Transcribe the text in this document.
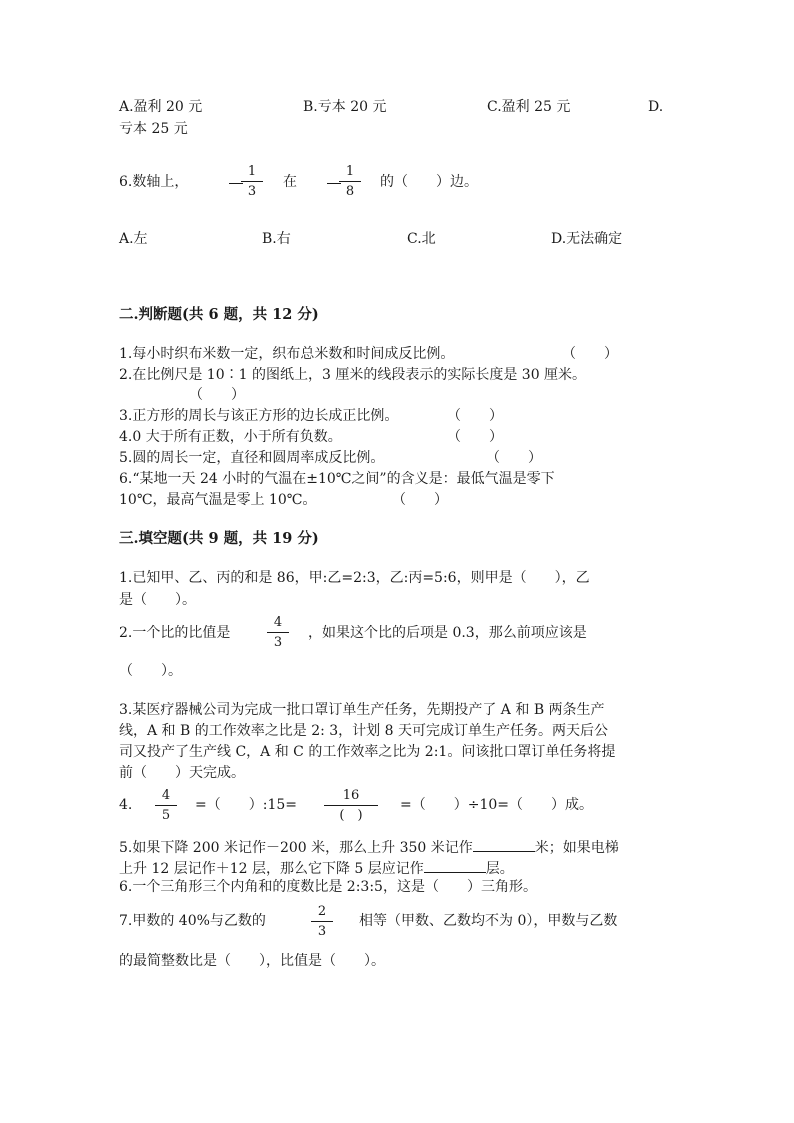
A.盈利 20 元	B.亏本 20 元	C.盈利 25 元	D.
亏本 25 元
6.数轴上，
1
3
在
1
8
的（　　）边。
A.左	B.右	C.北	D.无法确定
二.判断题(共 6 题，共 12 分)
1.每小时织布米数一定，织布总米数和时间成反比例。	（　　）
2.在比例尺是 10∶1 的图纸上，3 厘米的线段表示的实际长度是 30 厘米。
（　　）
3.正方形的周长与该正方形的边长成正比例。	（　　）
4.0 大于所有正数，小于所有负数。	（　　）
5.圆的周长一定，直径和圆周率成反比例。	（　　）
6.“某地一天 24 小时的气温在±10℃之间”的含义是：最低气温是零下
10℃，最高气温是零上 10℃。	（　　）
三.填空题(共 9 题，共 19 分)
1.已知甲、乙、丙的和是 86，甲:乙=2:3，乙:丙=5:6，则甲是（　　），乙
是（　　）。
2.一个比的比值是
4
3
，如果这个比的后项是 0.3，那么前项应该是
（　　）。
3.某医疗器械公司为完成一批口罩订单生产任务，先期投产了 A 和 B 两条生产
线，A 和 B 的工作效率之比是 2: 3，计划 8 天可完成订单生产任务。两天后公
司又投产了生产线 C，A 和 C 的工作效率之比为 2:1。问该批口罩订单任务将提
前（　　）天完成。
4.
4
5
=（　　）:15=
16
(　)
=（　　）÷10=（　　）成。
5.如果下降 200 米记作－200 米，那么上升 350 米记作	米；如果电梯
上升 12 层记作＋12 层，那么它下降 5 层应记作	层。
6.一个三角形三个内角和的度数比是 2:3:5，这是（　　）三角形。
7.甲数的 40%与乙数的
2
3
相等（甲数、乙数均不为 0），甲数与乙数
的最简整数比是（　　），比值是（　　）。
